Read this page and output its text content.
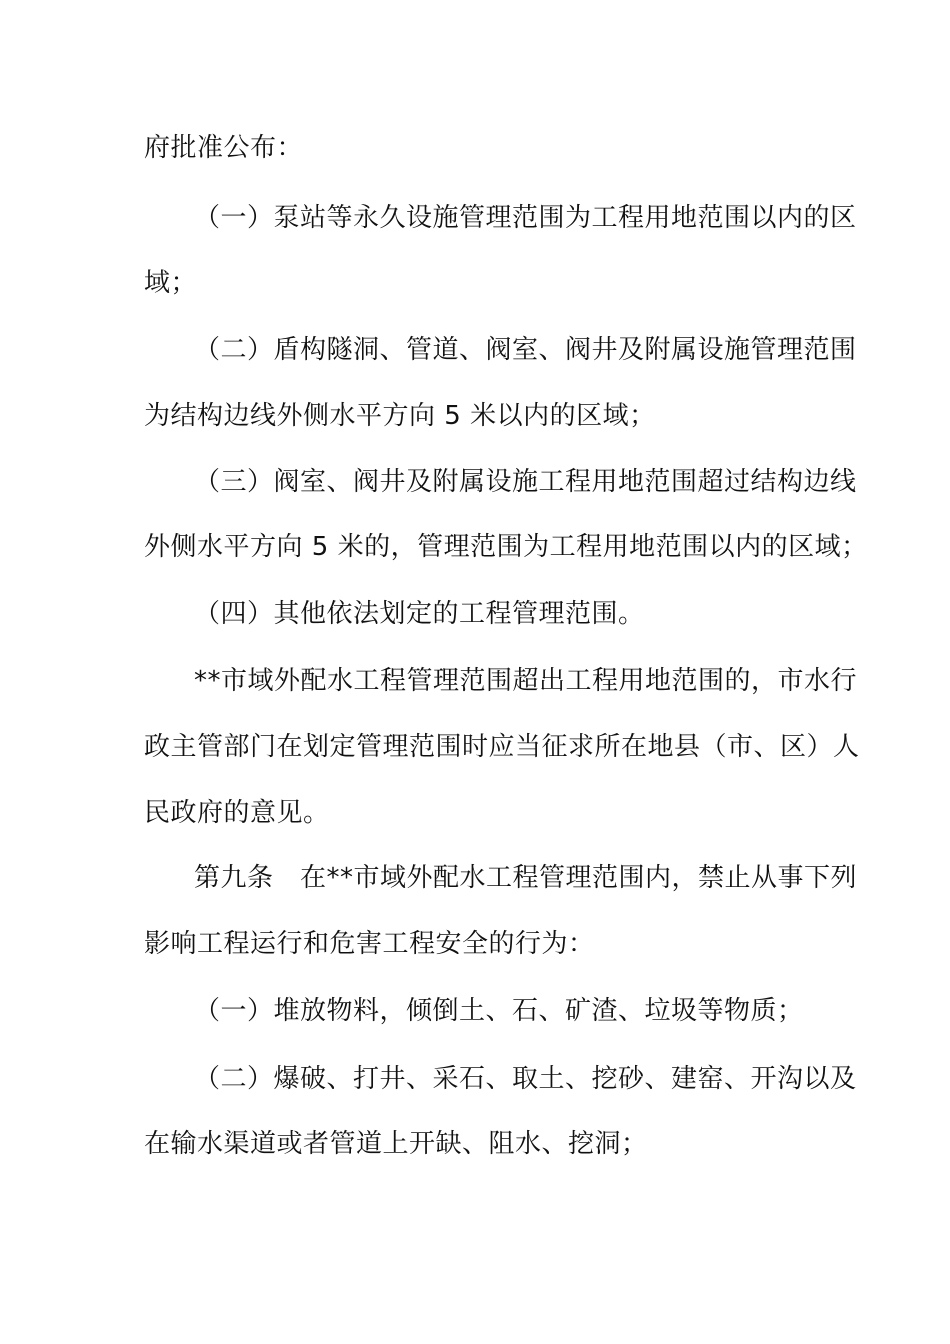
府批准公布：
（一）泵站等永久设施管理范围为工程用地范围以内的区
域；
（二）盾构隧洞、管道、阀室、阀井及附属设施管理范围
为结构边线外侧水平方向 5 米以内的区域；
（三）阀室、阀井及附属设施工程用地范围超过结构边线
外侧水平方向 5 米的，管理范围为工程用地范围以内的区域；
（四）其他依法划定的工程管理范围。
**市域外配水工程管理范围超出工程用地范围的，市水行
政主管部门在划定管理范围时应当征求所在地县（市、区）人
民政府的意见。
第九条　在**市域外配水工程管理范围内，禁止从事下列
影响工程运行和危害工程安全的行为：
（一）堆放物料，倾倒土、石、矿渣、垃圾等物质；
（二）爆破、打井、采石、取土、挖砂、建窑、开沟以及
在输水渠道或者管道上开缺、阻水、挖洞；
